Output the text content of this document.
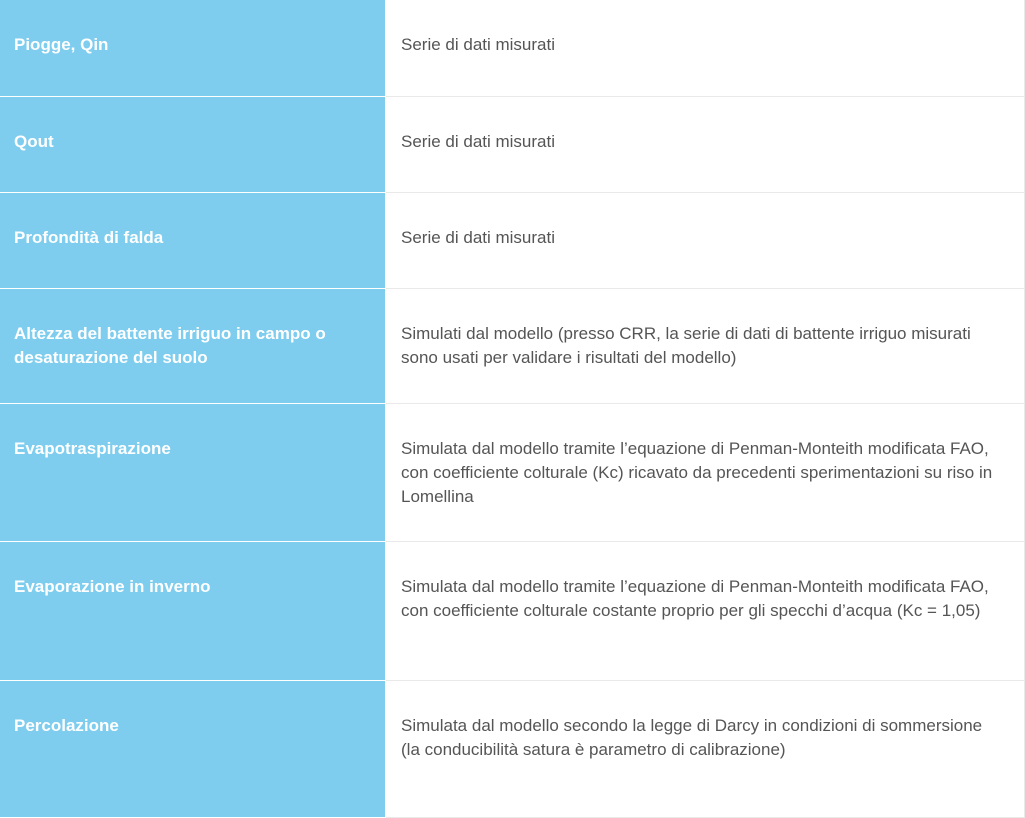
Piogge, Qin	Serie di dati misurati

Qout	Serie di dati misurati

Profondità di falda	Serie di dati misurati

Altezza del battente irriguo in campo o desaturazione del suolo	Simulati dal modello (presso CRR, la serie di dati di battente irriguo misurati sono usati per validare i risultati del modello)

Evapotraspirazione	Simulata dal modello tramite l’equazione di Penman-Monteith modificata FAO, con coefficiente colturale (Kc) ricavato da precedenti sperimentazioni su riso in Lomellina

Evaporazione in inverno	Simulata dal modello tramite l’equazione di Penman-Monteith modificata FAO, con coefficiente colturale costante proprio per gli specchi d’acqua (Kc = 1,05)

Percolazione	Simulata dal modello secondo la legge di Darcy in condizioni di sommersione (la conducibilità satura è parametro di calibrazione)
